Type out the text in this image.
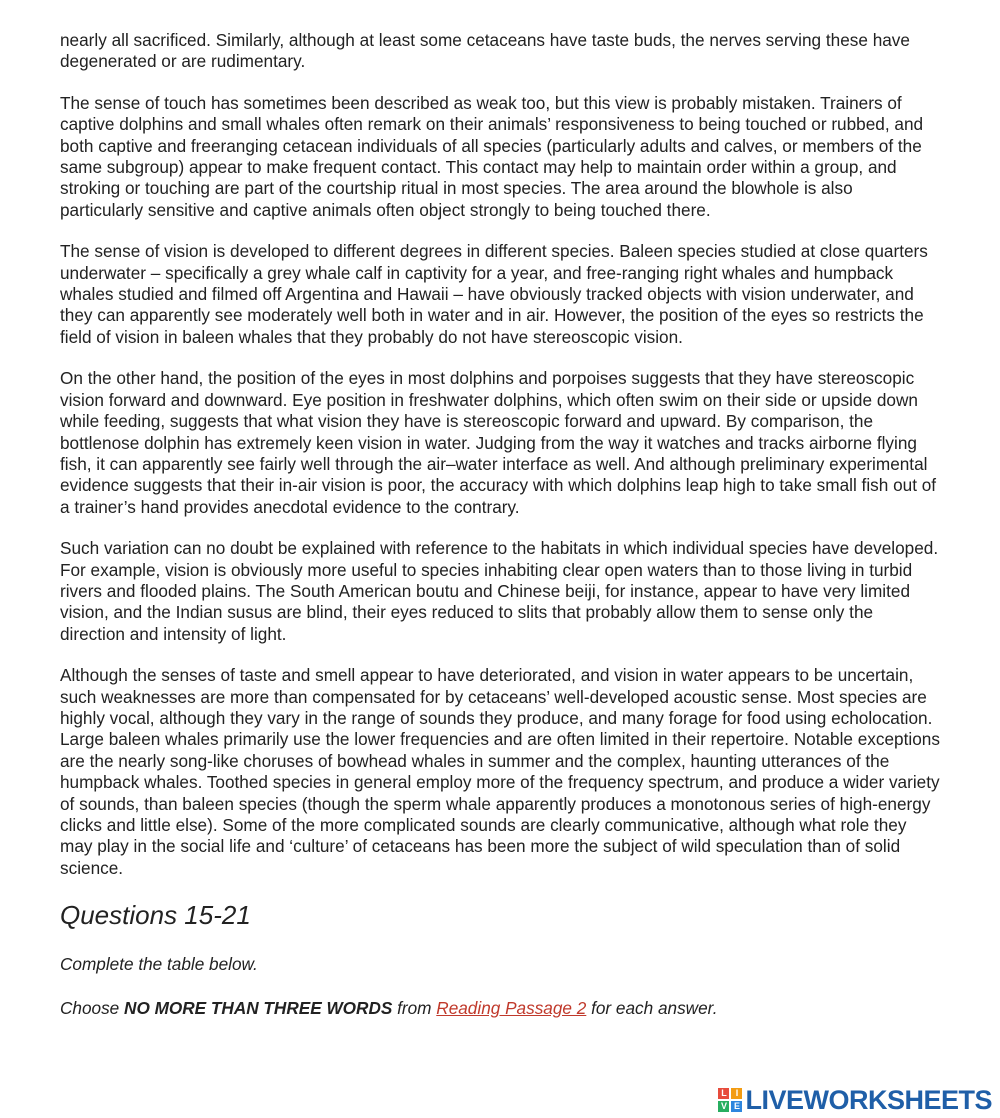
nearly all sacrificed. Similarly, although at least some cetaceans have taste buds, the nerves serving these have degenerated or are rudimentary.

The sense of touch has sometimes been described as weak too, but this view is probably mistaken. Trainers of captive dolphins and small whales often remark on their animals’ responsiveness to being touched or rubbed, and both captive and freeranging cetacean individuals of all species (particularly adults and calves, or members of the same subgroup) appear to make frequent contact. This contact may help to maintain order within a group, and stroking or touching are part of the courtship ritual in most species. The area around the blowhole is also particularly sensitive and captive animals often object strongly to being touched there.

The sense of vision is developed to different degrees in different species. Baleen species studied at close quarters underwater – specifically a grey whale calf in captivity for a year, and free-ranging right whales and humpback whales studied and filmed off Argentina and Hawaii – have obviously tracked objects with vision underwater, and they can apparently see moderately well both in water and in air. However, the position of the eyes so restricts the field of vision in baleen whales that they probably do not have stereoscopic vision.

On the other hand, the position of the eyes in most dolphins and porpoises suggests that they have stereoscopic vision forward and downward. Eye position in freshwater dolphins, which often swim on their side or upside down while feeding, suggests that what vision they have is stereoscopic forward and upward. By comparison, the bottlenose dolphin has extremely keen vision in water. Judging from the way it watches and tracks airborne flying fish, it can apparently see fairly well through the air–water interface as well. And although preliminary experimental evidence suggests that their in-air vision is poor, the accuracy with which dolphins leap high to take small fish out of a trainer’s hand provides anecdotal evidence to the contrary.

Such variation can no doubt be explained with reference to the habitats in which individual species have developed. For example, vision is obviously more useful to species inhabiting clear open waters than to those living in turbid rivers and flooded plains. The South American boutu and Chinese beiji, for instance, appear to have very limited vision, and the Indian susus are blind, their eyes reduced to slits that probably allow them to sense only the direction and intensity of light.

Although the senses of taste and smell appear to have deteriorated, and vision in water appears to be uncertain, such weaknesses are more than compensated for by cetaceans’ well-developed acoustic sense. Most species are highly vocal, although they vary in the range of sounds they produce, and many forage for food using echolocation. Large baleen whales primarily use the lower frequencies and are often limited in their repertoire. Notable exceptions are the nearly song-like choruses of bowhead whales in summer and the complex, haunting utterances of the humpback whales. Toothed species in general employ more of the frequency spectrum, and produce a wider variety of sounds, than baleen species (though the sperm whale apparently produces a monotonous series of high-energy clicks and little else). Some of the more complicated sounds are clearly communicative, although what role they may play in the social life and ‘culture’ of cetaceans has been more the subject of wild speculation than of solid science.

Questions 15-21

Complete the table below.

Choose NO MORE THAN THREE WORDS from Reading Passage 2 for each answer.

L I
V E LIVEWORKSHEETS
